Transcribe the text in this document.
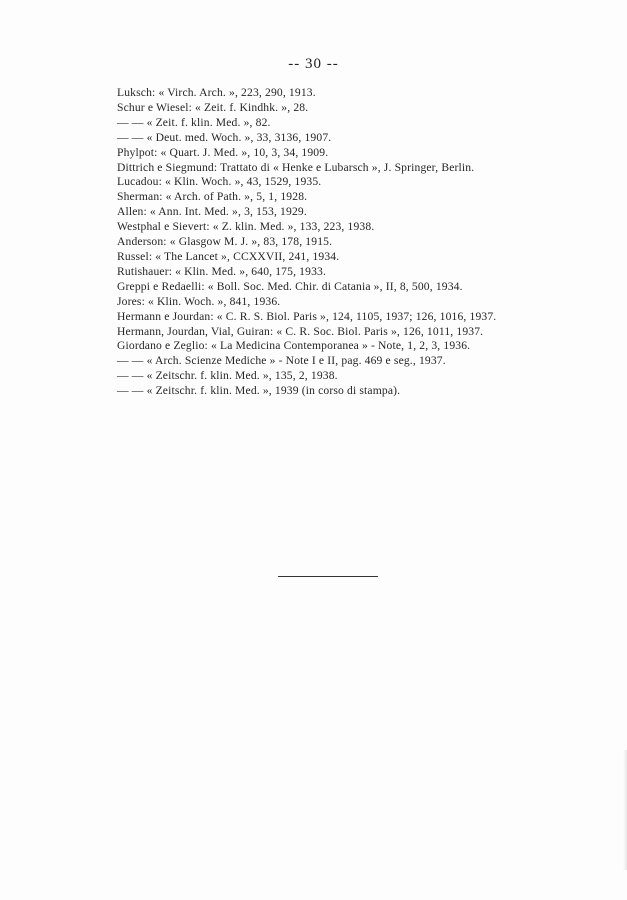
-- 30 --
Luksch: « Virch. Arch. », 223, 290, 1913.
Schur e Wiesel: « Zeit. f. Kindhk. », 28.
— — « Zeit. f. klin. Med. », 82.
— — « Deut. med. Woch. », 33, 3136, 1907.
Phylpot: « Quart. J. Med. », 10, 3, 34, 1909.
Dittrich e Siegmund: Trattato di « Henke e Lubarsch », J. Springer, Berlin.
Lucadou: « Klin. Woch. », 43, 1529, 1935.
Sherman: « Arch. of Path. », 5, 1, 1928.
Allen: « Ann. Int. Med. », 3, 153, 1929.
Westphal e Sievert: « Z. klin. Med. », 133, 223, 1938.
Anderson: « Glasgow M. J. », 83, 178, 1915.
Russel: « The Lancet », CCXXVII, 241, 1934.
Rutishauer: « Klin. Med. », 640, 175, 1933.
Greppi e Redaelli: « Boll. Soc. Med. Chir. di Catania », II, 8, 500, 1934.
Jores: « Klin. Woch. », 841, 1936.
Hermann e Jourdan: « C. R. S. Biol. Paris », 124, 1105, 1937; 126, 1016, 1937.
Hermann, Jourdan, Vial, Guiran: « C. R. Soc. Biol. Paris », 126, 1011, 1937.
Giordano e Zeglio: « La Medicina Contemporanea » - Note, 1, 2, 3, 1936.
— — « Arch. Scienze Mediche » - Note I e II, pag. 469 e seg., 1937.
— — « Zeitschr. f. klin. Med. », 135, 2, 1938.
— — « Zeitschr. f. klin. Med. », 1939 (in corso di stampa).
